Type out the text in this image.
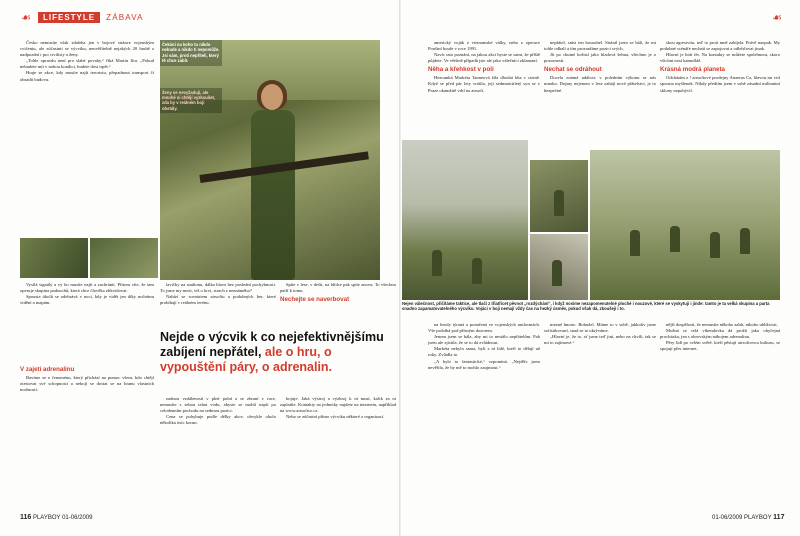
☙	LIFESTYLE	ZÁBAVA

Česko nemusíte však zdaleka jen v bojové stránce vojenským cvičeniu, ale zúčastnit se výcviku, neuvěřitelně nejakých 20 hrubě z nadpozdní i pro civilisty a ženy.

„Tohle opravdu není pro slabé povahy,“ říká Martin Jíra. „Pokud nebudete mít v nohou kondici, budete dost trpět.“

Hraje se akce, kdy musíte najít teroristu, přepadnout transport či obsadit budovu.

Čekání na koho tu nikdo nebude a nikdo ti nepomůže. Jsi sám, proti nepříteli, který tě chce zabít.
Ženy se nevyžadují, ale mnohé si chtějí vyzkoušet, zda by v reálném boji obstály.

Vysílá signály a vy ho musíte najít a zachránit. Přitom víte, že tam operuje skupina padouchů, která chce člověka zlikvidovat.

Spousta úkolů se odehrává v noci, kdy je vidět jen díky nočnímu vidění a mapám.

V zajetí adrenalinu

Bavíme se o fenoménu, který přichází na pomoc všem, kdo chtějí otestovat své schopnosti a nebojí se dostat se na hranu vlastních možností.

lavičky na stadionu, dálka hlava bez poslední pochybnosti. To jsme my mezi, víš o krvi, strach z neznámého?

Nabízí se scenáriem airsoftu a podobných her, které probíhají v reálném terénu.

Spíte v lese, v dešti, na hlídce pak spíte znovu. To všechno patří k tomu.

Nechejte se naverbovat
Nejde o výcvik k co nejefektivnějšímu zabíjení nepřátel, ale o hru, o vypouštění páry, o adrenalin.

zadnou vzdáleností v plné polní a se zbraní v ruce, nemusíte s sebou tahat vodu, abyste se mohli napít po celodenním pochodu na sedmou pozici.

Cena se pohybuje podle délky akce, obvykle okolo několika tisíc korun.

bojuje. Jaká výstroj a výzbroj k ní musí, kolik za ni zaplatíte. Kontakty na jednotky najdete na internetu, například na www.airsoftcz.cz.

Nebo se zúčastní přímo výcviku některé z organizací.

116 PLAYBOY 01-06/2009
☙

americký voják z vietnamské války, nebo z operace Pouštní bouře v roce 1991.

Navíc tato poznání, na jakou akci byste se sami, že příště půjdete. Ve většině případů jste ale jako válečníci zklamaní.

Něha a křehkost v poli

Hezounká Markéta Tanneová žila dlouhá léta v cizině. Když se před pár lety vrátila, její sedmnáctiletý syn se v Praze okamžitě vrhl na airsoft.

nepřátel, sníst ten bosoubel. Stránil jsem se báli, že mi tohle odhalí a tím prozradíme pozici svých.

Jít po chutné kořistí jako hladová šelma, všechno je o pozornosti.

Nechat se odráhout

Docela známá událost: v poledním výkonu se nás mnoho. Dojmy nejenom v lese zahájí nové přátelství, je to bezpečné.

skou agresivitu, teď to proti mně zabíjela. Právě naopak. My podobné scénáře nechatí se zapojovat a odlehčovat jinak.

Hlavní je hrát fér. Na kontakty se můžete spolehnout, skoro všichni nosí kamufláž.

Krásná modrá planeta

Odcházím z ! airsoftové prodejny Anaerus Cz, hlavou mi vrtí spousta myšlenek. Nikdy předtím jsem v sobě zásadní militantní sklony nepobývil.

Nejen válečnost, přičítáme taktice, ale tlačí z třiatřicet pěvnot „rozdýchání“, i když nosíme nezapomenutelné ploché i nouzové, které se vyskytují i jinde: tamto je ta velká skupina a parta snadno zapamatovatelného výcviku. Vojáci v boji nemají vždy čas na hezký úsměv, pokud však dá, zkoušejí i to.

na brody týraná a ponořená ve vojenských uniformách. Vše probíhá pod přísným dozorem.

Jenom jsem se bála, aby mi to nestálo nepřátelům. Pak jsem ale zjistila, že se to dá zvládnout.

Markéta nebyla sama, byli s ní lidé, kteří to dělají už roky. Zvládla to.

„A bylo to fantastické,“ vzpomíná. „Nejdřív jsem nevěřila, že by mě to mohlo zaujmout.“

mezné hmoto. Bohužel. Máme to v sobě, jakkoliv jsme sofistikovaní, snad se to ukrýváme.

„Hlavní je, že to, ať jsme teď jiní, nebo na chvíli, tak se mi to zajímavé.“

nější dospělosti, že nemusíte někoho zabít, nikoho ublížovat.

Možná se celá víkendovka dá prožít jako obyčejná procházka, jen s obrovským nábojem adrenalinu.

Pěry lidí po celém světě, kteří pěstují airsoftovou kulturu, se spojují přes internet.

01-06/2009 PLAYBOY 117
